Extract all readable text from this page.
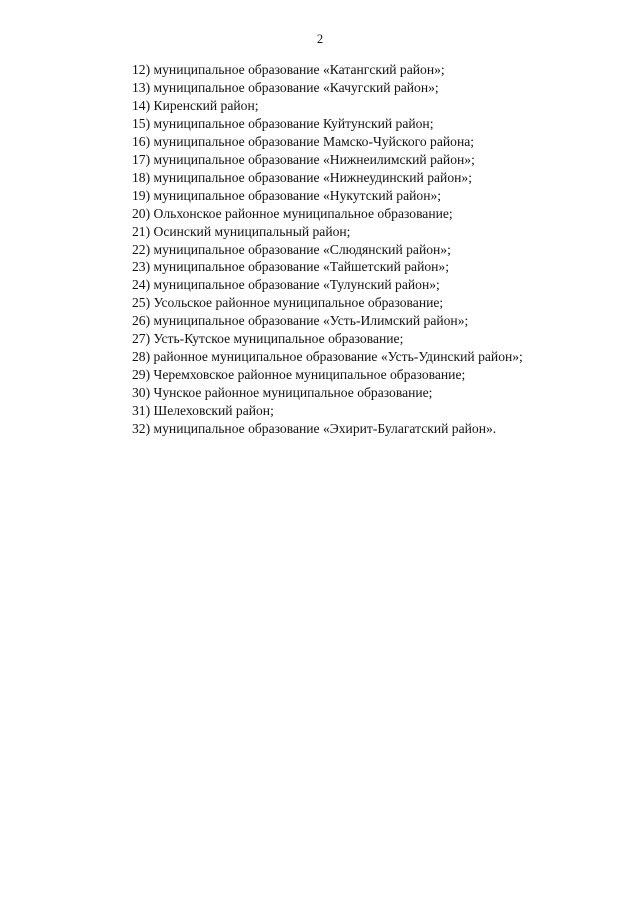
2
12) муниципальное образование «Катангский район»;
13) муниципальное образование «Качугский район»;
14) Киренский район;
15) муниципальное образование Куйтунский район;
16) муниципальное образование Мамско-Чуйского района;
17) муниципальное образование «Нижнеилимский район»;
18) муниципальное образование «Нижнеудинский район»;
19) муниципальное образование «Нукутский район»;
20) Ольхонское районное муниципальное образование;
21) Осинский муниципальный район;
22) муниципальное образование «Слюдянский район»;
23) муниципальное образование «Тайшетский район»;
24) муниципальное образование «Тулунский район»;
25) Усольское районное муниципальное образование;
26) муниципальное образование «Усть-Илимский район»;
27) Усть-Кутское муниципальное образование;
28) районное муниципальное образование «Усть-Удинский район»;
29) Черемховское районное муниципальное образование;
30) Чунское районное муниципальное образование;
31) Шелеховский район;
32) муниципальное образование «Эхирит-Булагатский район».
